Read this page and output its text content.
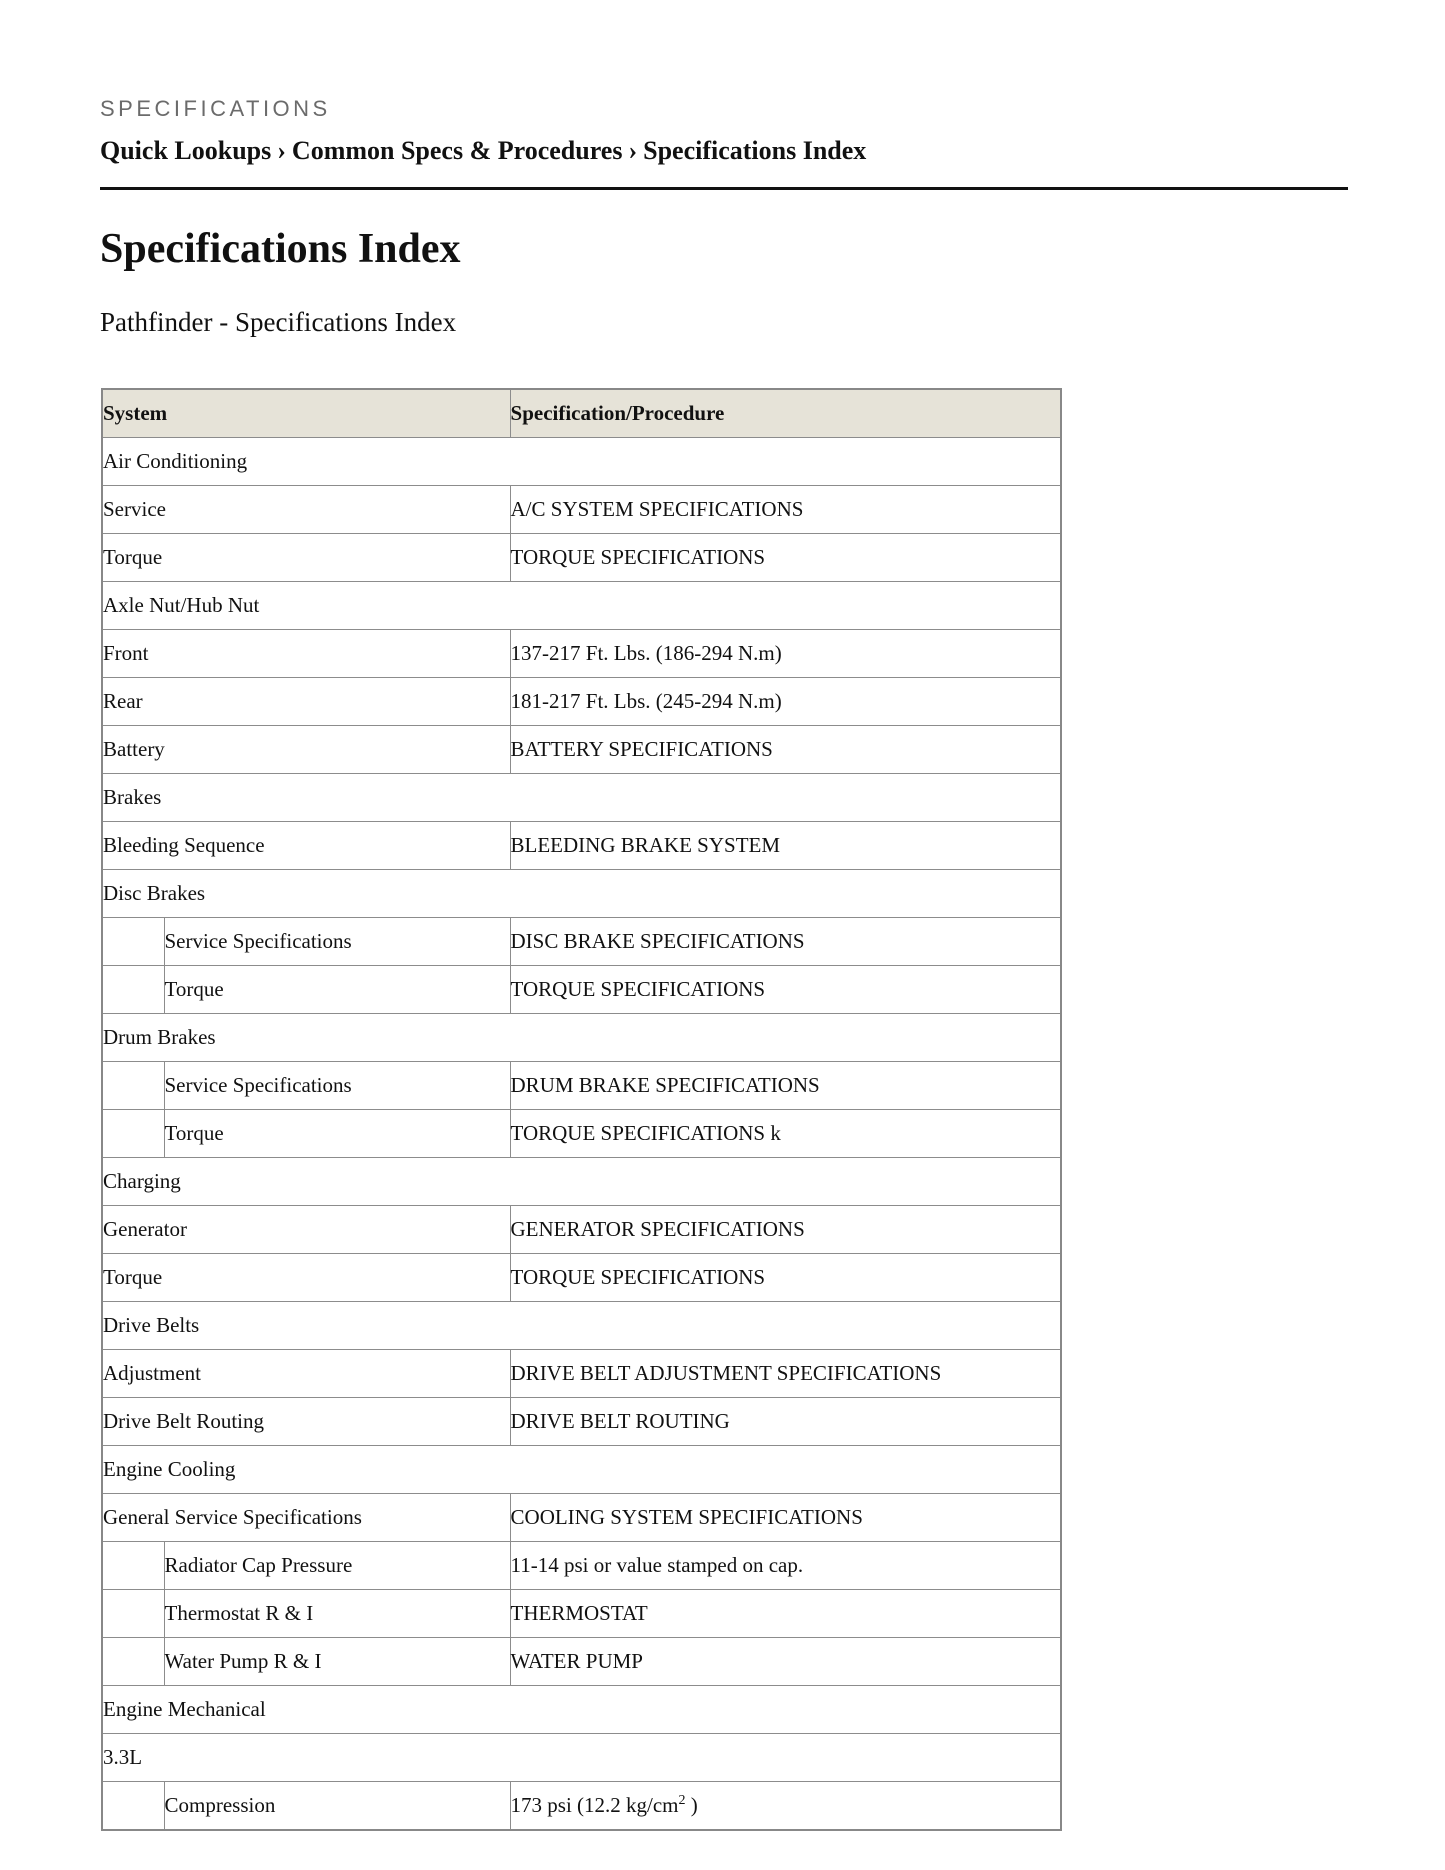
SPECIFICATIONS
Quick Lookups › Common Specs & Procedures › Specifications Index
Specifications Index
Pathfinder - Specifications Index
System		Specification/Procedure
Air Conditioning		
Service		A/C SYSTEM SPECIFICATIONS
Torque		TORQUE SPECIFICATIONS
Axle Nut/Hub Nut		
Front		137-217 Ft. Lbs. (186-294 N.m)
Rear		181-217 Ft. Lbs. (245-294 N.m)
Battery		BATTERY SPECIFICATIONS
Brakes		
Bleeding Sequence		BLEEDING BRAKE SYSTEM
Disc Brakes		
	Service Specifications	DISC BRAKE SPECIFICATIONS
	Torque	TORQUE SPECIFICATIONS
Drum Brakes		
	Service Specifications	DRUM BRAKE SPECIFICATIONS
	Torque	TORQUE SPECIFICATIONS k
Charging		
Generator		GENERATOR SPECIFICATIONS
Torque		TORQUE SPECIFICATIONS
Drive Belts		
Adjustment		DRIVE BELT ADJUSTMENT SPECIFICATIONS
Drive Belt Routing		DRIVE BELT ROUTING
Engine Cooling		
General Service Specifications		COOLING SYSTEM SPECIFICATIONS
	Radiator Cap Pressure	11-14 psi or value stamped on cap.
	Thermostat R & I	THERMOSTAT
	Water Pump R & I	WATER PUMP
Engine Mechanical		
3.3L		
	Compression	173 psi (12.2 $kg/cm^2$ )
